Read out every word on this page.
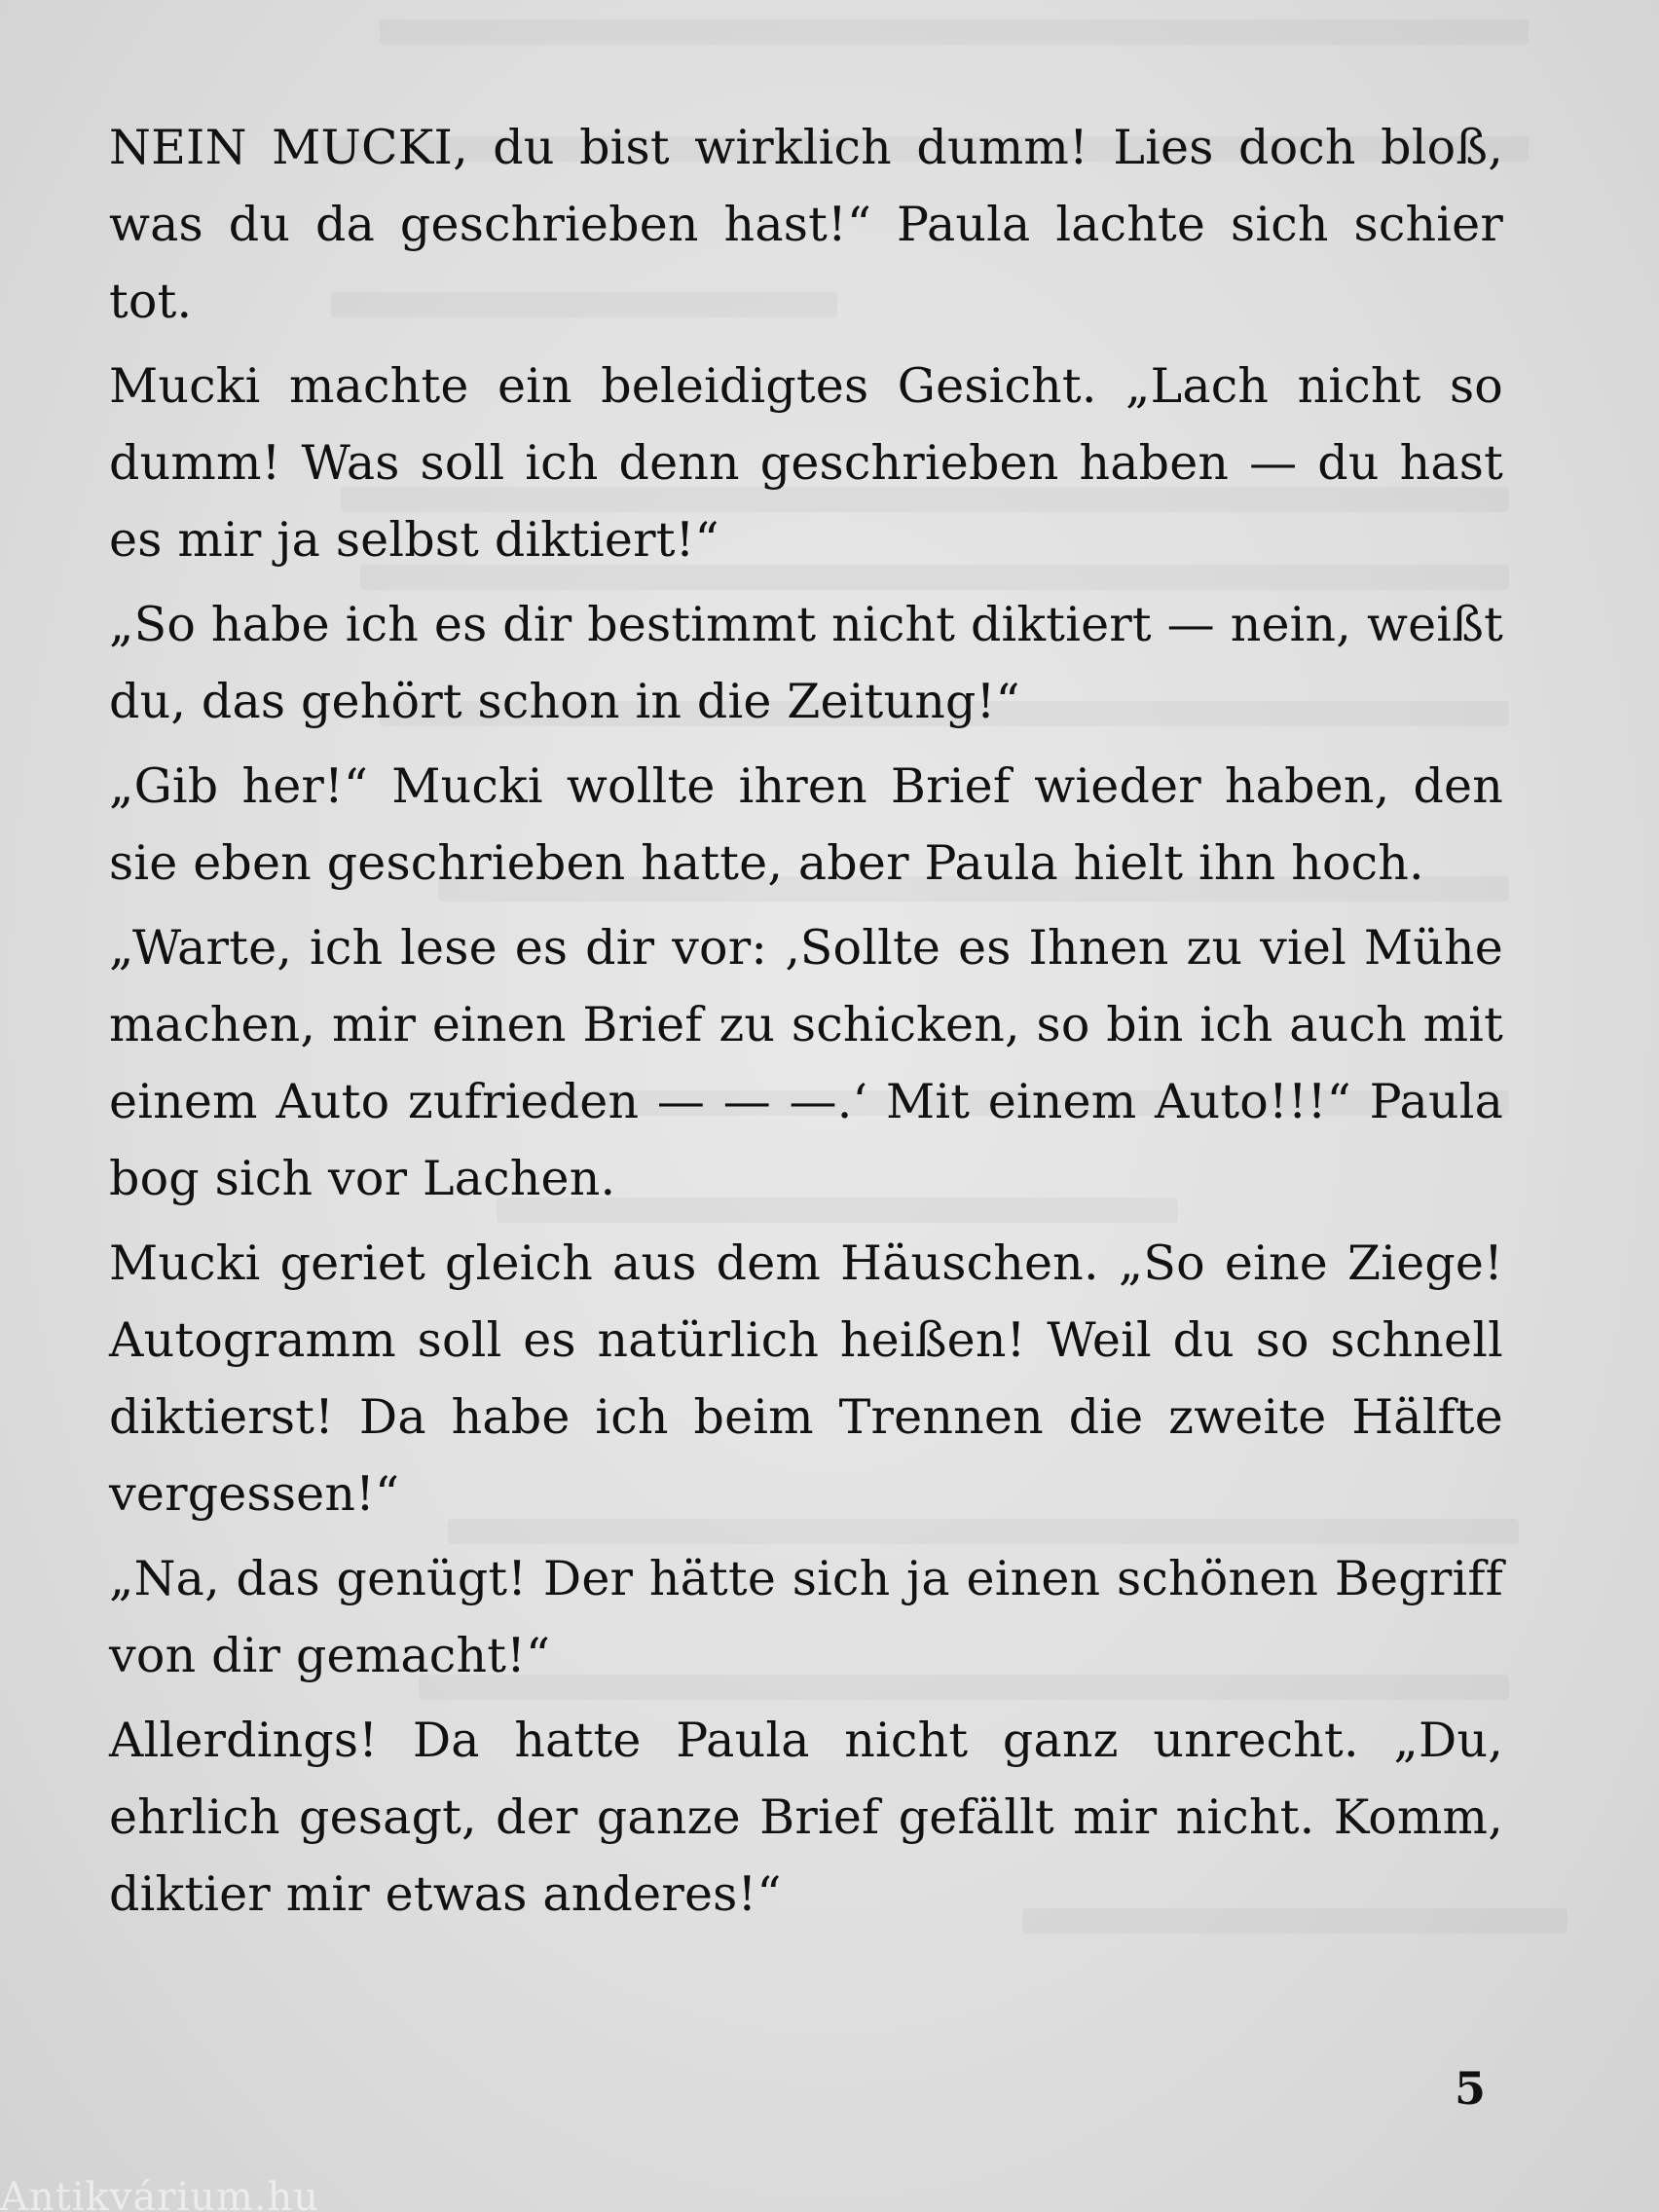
NEIN MUCKI, du bist wirklich dumm! Lies doch bloß, was du da geschrieben hast!“ Paula lachte sich schier tot.

Mucki machte ein beleidigtes Gesicht. „Lach nicht so dumm! Was soll ich denn geschrieben haben — du hast es mir ja selbst diktiert!“

„So habe ich es dir bestimmt nicht diktiert — nein, weißt du, das gehört schon in die Zeitung!“

„Gib her!“ Mucki wollte ihren Brief wieder haben, den sie eben geschrieben hatte, aber Paula hielt ihn hoch.

„Warte, ich lese es dir vor: ‚Sollte es Ihnen zu viel Mühe machen, mir einen Brief zu schicken, so bin ich auch mit einem Auto zufrieden — — —.‘ Mit einem Auto!!!“ Paula bog sich vor Lachen.

Mucki geriet gleich aus dem Häuschen. „So eine Ziege! Autogramm soll es natürlich heißen! Weil du so schnell diktierst! Da habe ich beim Trennen die zweite Hälfte vergessen!“

„Na, das genügt! Der hätte sich ja einen schönen Begriff von dir gemacht!“

Allerdings! Da hatte Paula nicht ganz unrecht. „Du, ehrlich gesagt, der ganze Brief gefällt mir nicht. Komm, diktier mir etwas anderes!“

5
Antikvárium.hu
